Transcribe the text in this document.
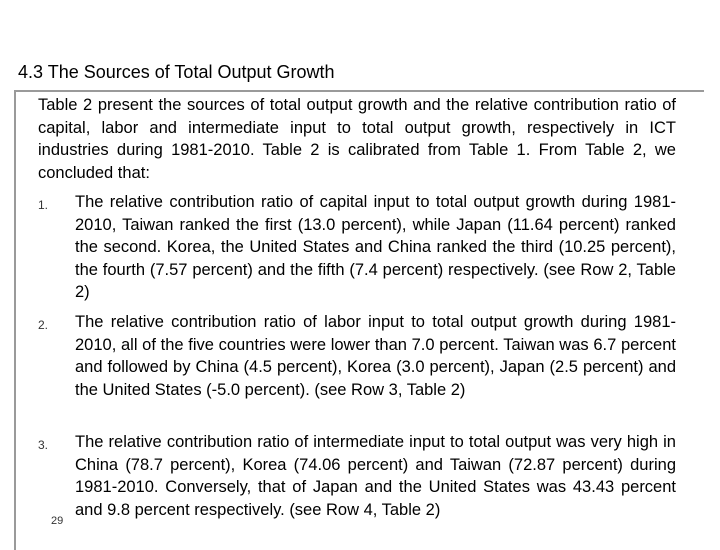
4.3 The Sources of Total Output Growth
Table 2 present the sources of total output growth and the relative contribution ratio of capital, labor and intermediate input to total output growth, respectively in ICT industries during 1981-2010. Table 2 is calibrated from Table 1. From Table 2, we concluded that:
1. The relative contribution ratio of capital input to total output growth during 1981-2010, Taiwan ranked the first (13.0 percent), while Japan (11.64 percent) ranked the second. Korea, the United States and China ranked the third (10.25 percent), the fourth (7.57 percent) and the fifth (7.4 percent) respectively. (see Row 2, Table 2)
2. The relative contribution ratio of labor input to total output growth during 1981-2010, all of the five countries were lower than 7.0 percent. Taiwan was 6.7 percent and followed by China (4.5 percent), Korea (3.0 percent), Japan (2.5 percent) and the United States (-5.0 percent). (see Row 3, Table 2)
3. The relative contribution ratio of intermediate input to total output was very high in China (78.7 percent), Korea (74.06 percent) and Taiwan (72.87 percent) during 1981-2010. Conversely, that of Japan and the United States was 43.43 percent and 9.8 percent respectively. (see Row 4, Table 2)
29
